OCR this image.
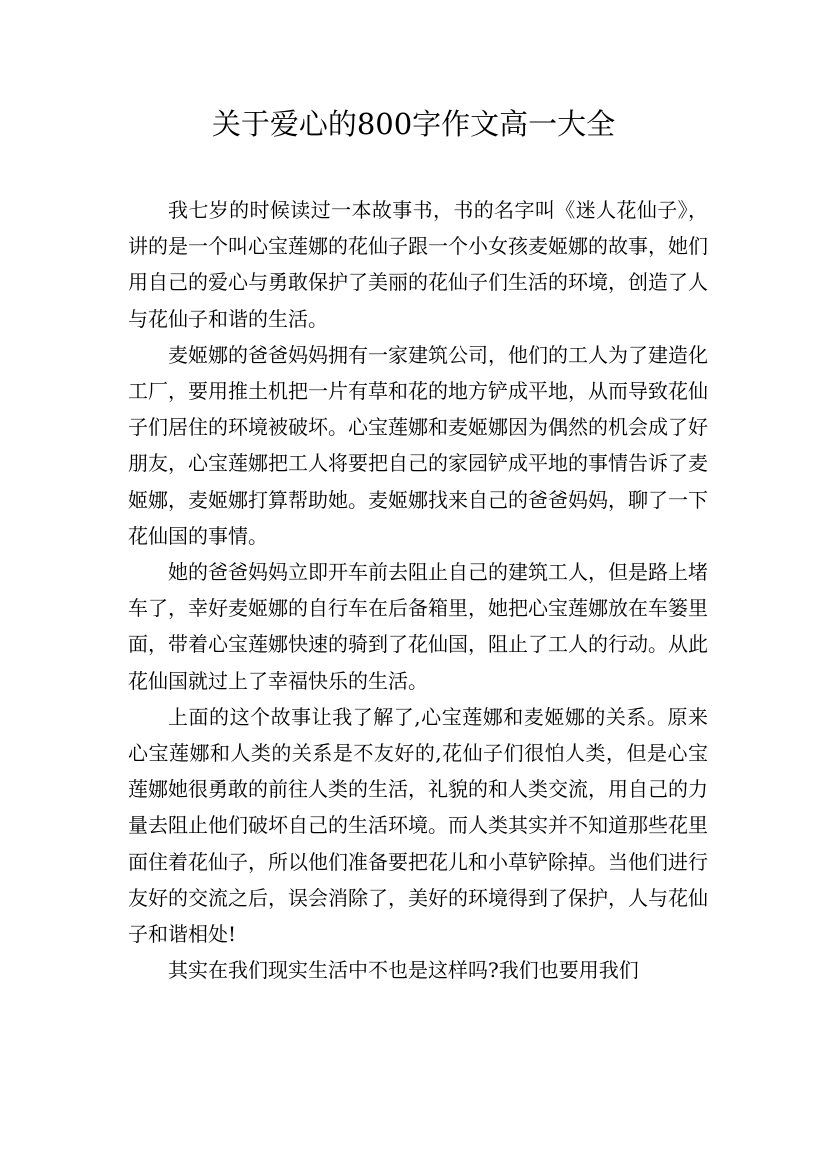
关于爱心的800字作文高一大全

我七岁的时候读过一本故事书，书的名字叫《迷人花仙子》，讲的是一个叫心宝莲娜的花仙子跟一个小女孩麦姬娜的故事，她们用自己的爱心与勇敢保护了美丽的花仙子们生活的环境，创造了人与花仙子和谐的生活。

麦姬娜的爸爸妈妈拥有一家建筑公司，他们的工人为了建造化工厂，要用推土机把一片有草和花的地方铲成平地，从而导致花仙子们居住的环境被破坏。心宝莲娜和麦姬娜因为偶然的机会成了好朋友，心宝莲娜把工人将要把自己的家园铲成平地的事情告诉了麦姬娜，麦姬娜打算帮助她。麦姬娜找来自己的爸爸妈妈，聊了一下花仙国的事情。

她的爸爸妈妈立即开车前去阻止自己的建筑工人，但是路上堵车了，幸好麦姬娜的自行车在后备箱里，她把心宝莲娜放在车篓里面，带着心宝莲娜快速的骑到了花仙国，阻止了工人的行动。从此花仙国就过上了幸福快乐的生活。

上面的这个故事让我了解了,心宝莲娜和麦姬娜的关系。原来心宝莲娜和人类的关系是不友好的,花仙子们很怕人类，但是心宝莲娜她很勇敢的前往人类的生活，礼貌的和人类交流，用自己的力量去阻止他们破坏自己的生活环境。而人类其实并不知道那些花里面住着花仙子，所以他们准备要把花儿和小草铲除掉。当他们进行友好的交流之后，误会消除了，美好的环境得到了保护，人与花仙子和谐相处!

其实在我们现实生活中不也是这样吗?我们也要用我们
